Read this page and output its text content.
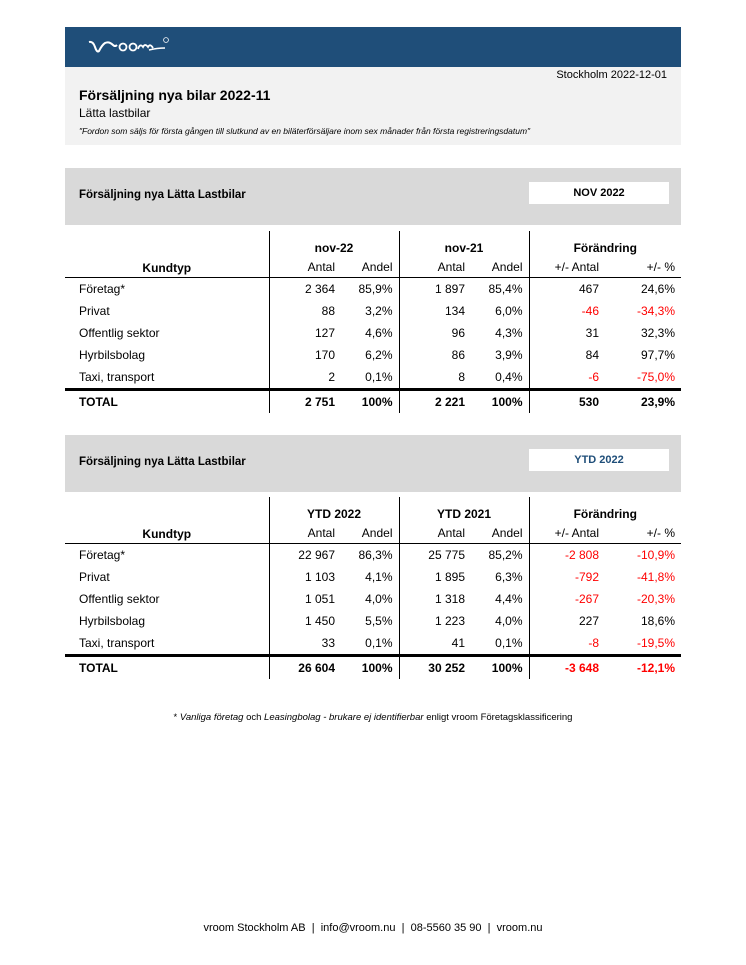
Stockholm 2022-12-01
Försäljning nya bilar 2022-11
Lätta lastbilar
"Fordon som säljs för första gången till slutkund av en biläterförsäljare inom sex månader från första registreringsdatum"
Försäljning nya Lätta Lastbilar	NOV 2022
Kundtyp	nov-22		nov-21		Förändring	
	Antal	Andel	Antal	Andel	+/- Antal	+/- %
Företag*	2 364	85,9%	1 897	85,4%	467	24,6%
Privat	88	3,2%	134	6,0%	-46	-34,3%
Offentlig sektor	127	4,6%	96	4,3%	31	32,3%
Hyrbilsbolag	170	6,2%	86	3,9%	84	97,7%
Taxi, transport	2	0,1%	8	0,4%	-6	-75,0%
TOTAL	2 751	100%	2 221	100%	530	23,9%
Försäljning nya Lätta Lastbilar	YTD 2022
Kundtyp	YTD 2022		YTD 2021		Förändring	
	Antal	Andel	Antal	Andel	+/- Antal	+/- %
Företag*	22 967	86,3%	25 775	85,2%	-2 808	-10,9%
Privat	1 103	4,1%	1 895	6,3%	-792	-41,8%
Offentlig sektor	1 051	4,0%	1 318	4,4%	-267	-20,3%
Hyrbilsbolag	1 450	5,5%	1 223	4,0%	227	18,6%
Taxi, transport	33	0,1%	41	0,1%	-8	-19,5%
TOTAL	26 604	100%	30 252	100%	-3 648	-12,1%
* Vanliga företag och Leasingbolag - brukare ej identifierbar enligt vroom Företagsklassificering
vroom Stockholm AB | info@vroom.nu | 08-5560 35 90 | vroom.nu
